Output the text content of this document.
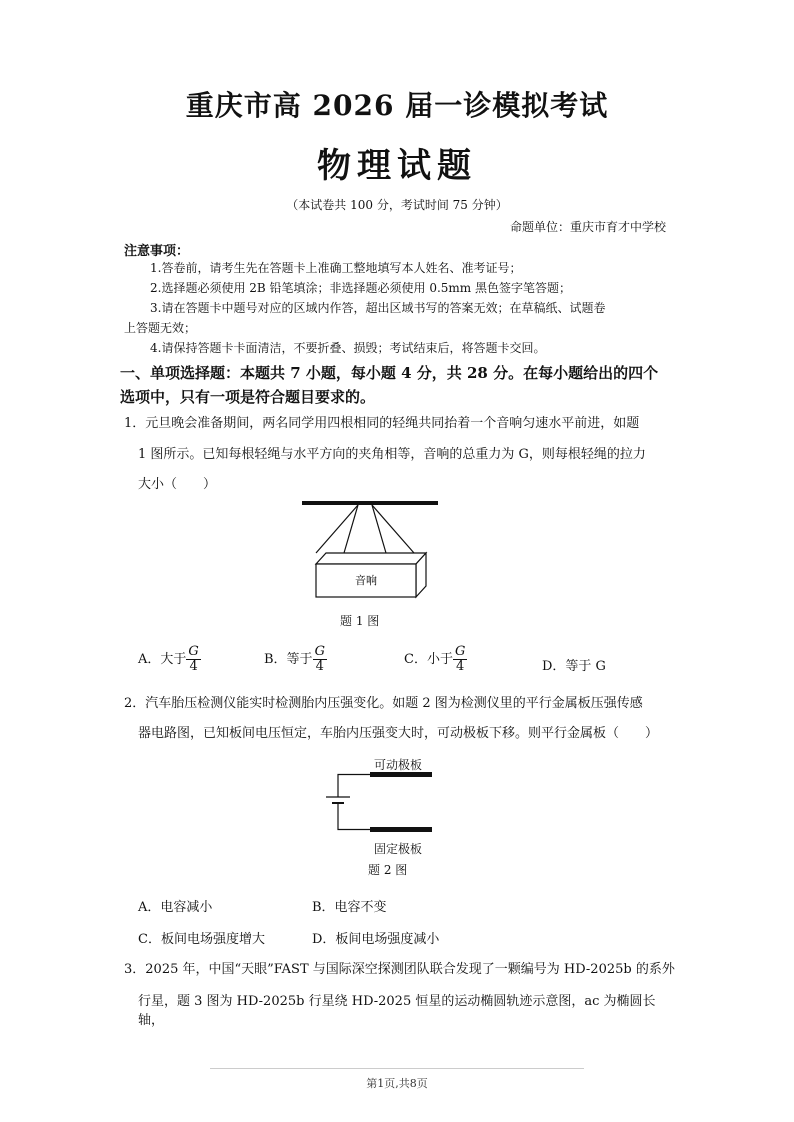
重庆市高 2026 届一诊模拟考试
物理试题
（本试卷共 100 分，考试时间 75 分钟）
命题单位：重庆市育才中学校
注意事项：
1.答卷前，请考生先在答题卡上准确工整地填写本人姓名、准考证号；
2.选择题必须使用 2B 铅笔填涂；非选择题必须使用 0.5mm 黑色签字笔答题；
3.请在答题卡中题号对应的区域内作答，超出区域书写的答案无效；在草稿纸、试题卷
上答题无效；
4.请保持答题卡卡面清洁，不要折叠、损毁；考试结束后，将答题卡交回。
一、单项选择题：本题共 7 小题，每小题 4 分，共 28 分。在每小题给出的四个
选项中，只有一项是符合题目要求的。
1．元旦晚会准备期间，两名同学用四根相同的轻绳共同抬着一个音响匀速水平前进，如题
1 图所示。已知每根轻绳与水平方向的夹角相等，音响的总重力为 G，则每根轻绳的拉力
大小（　　）
音响
题 1 图
A．大于 $\frac{G}{4}$	B．等于 $\frac{G}{4}$	C．小于 $\frac{G}{4}$	D．等于 G
2．汽车胎压检测仪能实时检测胎内压强变化。如题 2 图为检测仪里的平行金属板压强传感
器电路图，已知板间电压恒定，车胎内压强变大时，可动极板下移。则平行金属板（　　）
可动极板
固定极板
题 2 图
A．电容减小	B．电容不变
C．板间电场强度增大	D．板间电场强度减小
3．2025 年，中国“天眼”FAST 与国际深空探测团队联合发现了一颗编号为 HD-2025b 的系外
行星，题 3 图为 HD-2025b 行星绕 HD-2025 恒星的运动椭圆轨迹示意图，ac 为椭圆长轴，
第1页,共8页
